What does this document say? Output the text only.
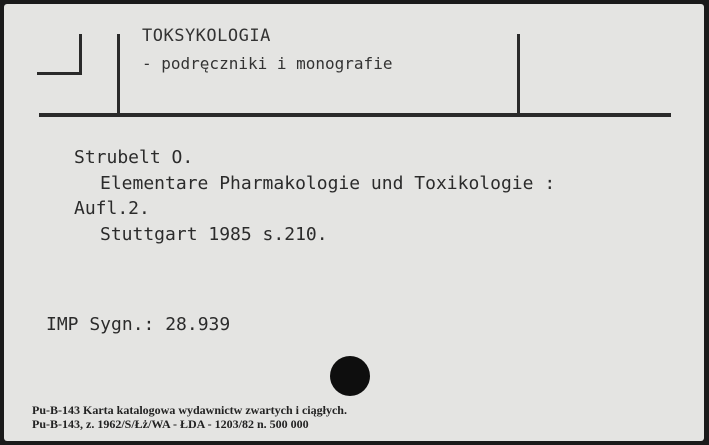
TOKSYKOLOGIA
- podręczniki i monografie
Strubelt O.
Elementare Pharmakologie und Toxikologie :
Aufl.2.
Stuttgart 1985 s.210.
IMP Sygn.: 28.939
Pu-B-143 Karta katalogowa wydawnictw zwartych i ciągłych.
Pu-B-143, z. 1962/S/Łż/WA - ŁDA - 1203/82 n. 500 000
